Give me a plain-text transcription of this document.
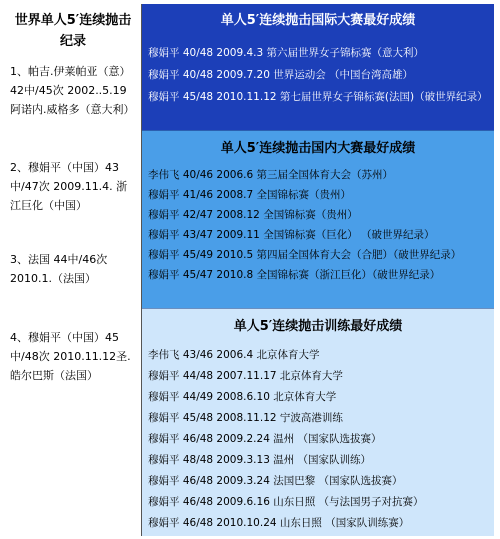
世界单人5′连续抛击纪录
1、帕吉.伊莱帕亚（意）42中/45次 2002..5.19 阿诺内.威格多（意大利）
2、穆娟平（中国）43中/47次 2009.11.4. 浙江巨化（中国）
3、法国 44中/46次 2010.1.（法国）
4、穆娟平（中国）45中/48次 2010.11.12圣.皓尔巴斯（法国）
单人5′连续抛击国际大赛最好成绩
穆娟平 40/48 2009.4.3 第六届世界女子锦标赛（意大利）
穆娟平 40/48 2009.7.20 世界运动会 （中国台湾高雄）
穆娟平 45/48 2010.11.12 第七届世界女子锦标赛(法国)（破世界纪录）
单人5′连续抛击国内大赛最好成绩
李伟飞 40/46 2006.6 第三届全国体育大会（苏州）
穆娟平 41/46 2008.7 全国锦标赛（贵州）
穆娟平 42/47 2008.12 全国锦标赛（贵州）
穆娟平 43/47 2009.11 全国锦标赛（巨化） （破世界纪录）
穆娟平 45/49 2010.5 第四届全国体育大会（合肥）（破世界纪录）
穆娟平 45/47 2010.8 全国锦标赛（浙江巨化）（破世界纪录）
单人5′连续抛击训练最好成绩
李伟飞 43/46 2006.4 北京体育大学
穆娟平 44/48 2007.11.17 北京体育大学
穆娟平 44/49 2008.6.10 北京体育大学
穆娟平 45/48 2008.11.12 宁波高港训练
穆娟平 46/48 2009.2.24 温州 （国家队选拔赛）
穆娟平 48/48 2009.3.13 温州 （国家队训练）
穆娟平 46/48 2009.3.24 法国巴黎 （国家队选拔赛）
穆娟平 46/48 2009.6.16 山东日照 （与法国男子对抗赛）
穆娟平 46/48 2010.10.24 山东日照 （国家队训练赛）
